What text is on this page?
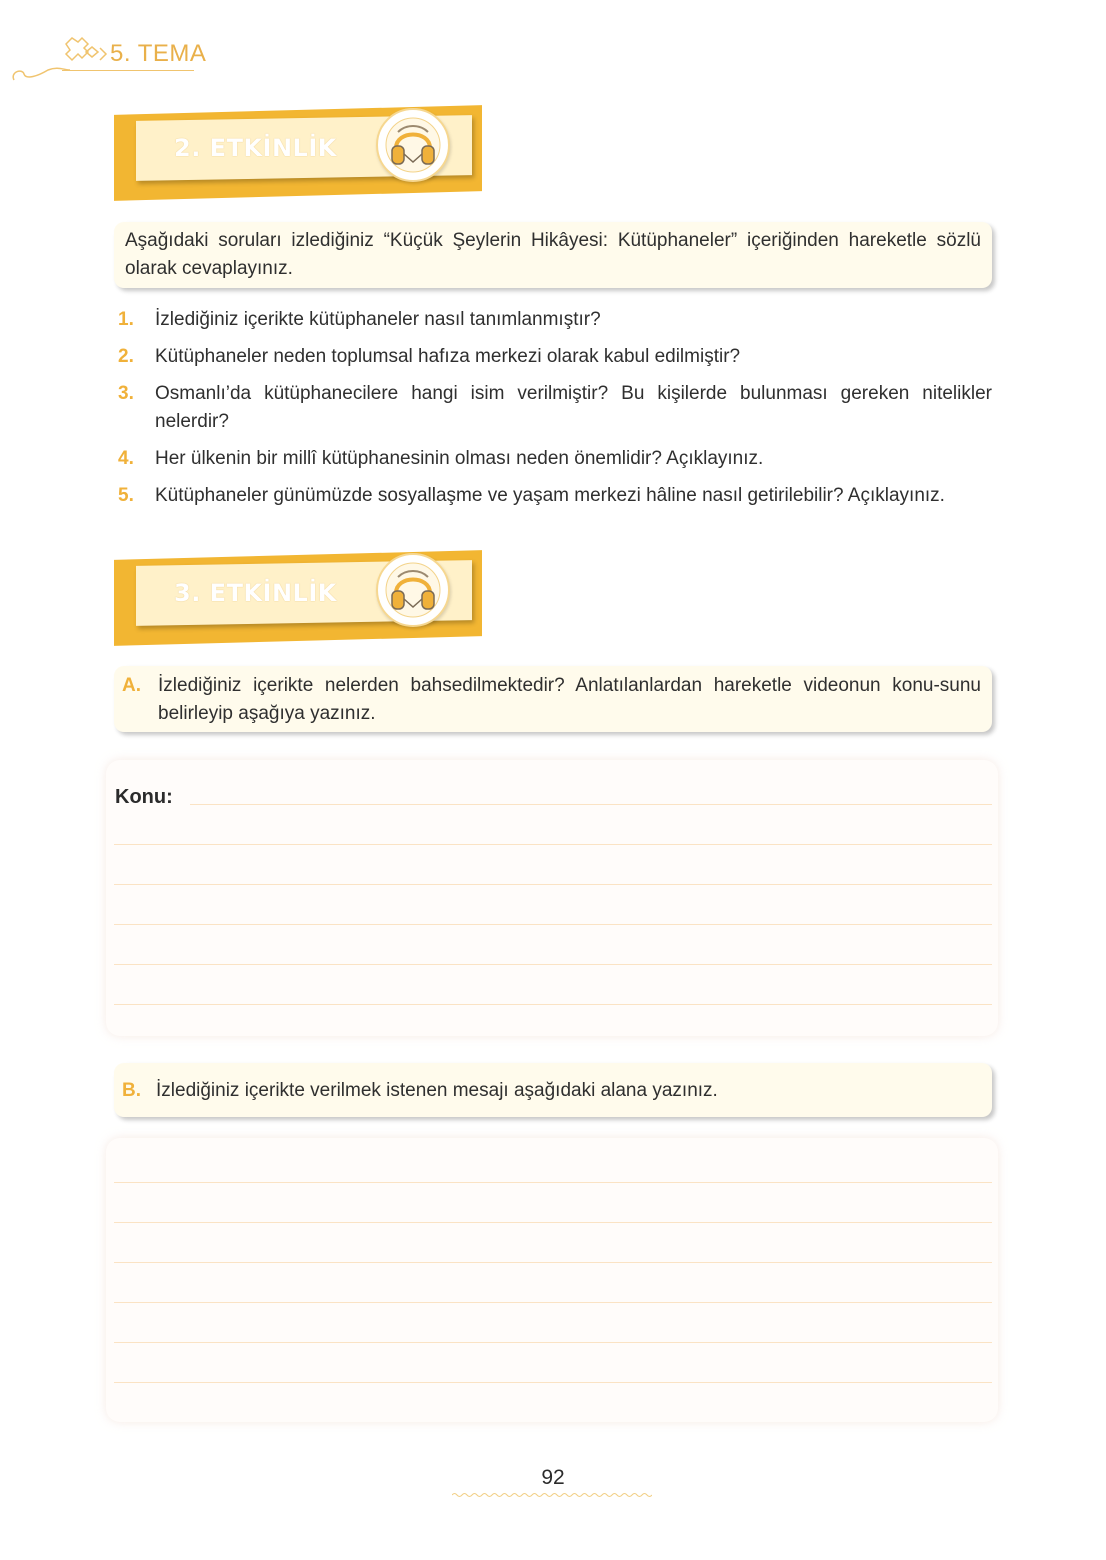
5. TEMA
2. ETKİNLİK
Aşağıdaki soruları izlediğiniz “Küçük Şeylerin Hikâyesi: Kütüphaneler” içeriğinden hareketle sözlü olarak cevaplayınız.
1. İzlediğiniz içerikte kütüphaneler nasıl tanımlanmıştır?
2. Kütüphaneler neden toplumsal hafıza merkezi olarak kabul edilmiştir?
3. Osmanlı’da kütüphanecilere hangi isim verilmiştir? Bu kişilerde bulunması gereken nitelikler nelerdir?
4. Her ülkenin bir millî kütüphanesinin olması neden önemlidir? Açıklayınız.
5. Kütüphaneler günümüzde sosyallaşme ve yaşam merkezi hâline nasıl getirilebilir? Açıklayınız.
3. ETKİNLİK
A. İzlediğiniz içerikte nelerden bahsedilmektedir? Anlatılanlardan hareketle videonun konu-sunu belirleyip aşağıya yazınız.
Konu:
B. İzlediğiniz içerikte verilmek istenen mesajı aşağıdaki alana yazınız.
92
